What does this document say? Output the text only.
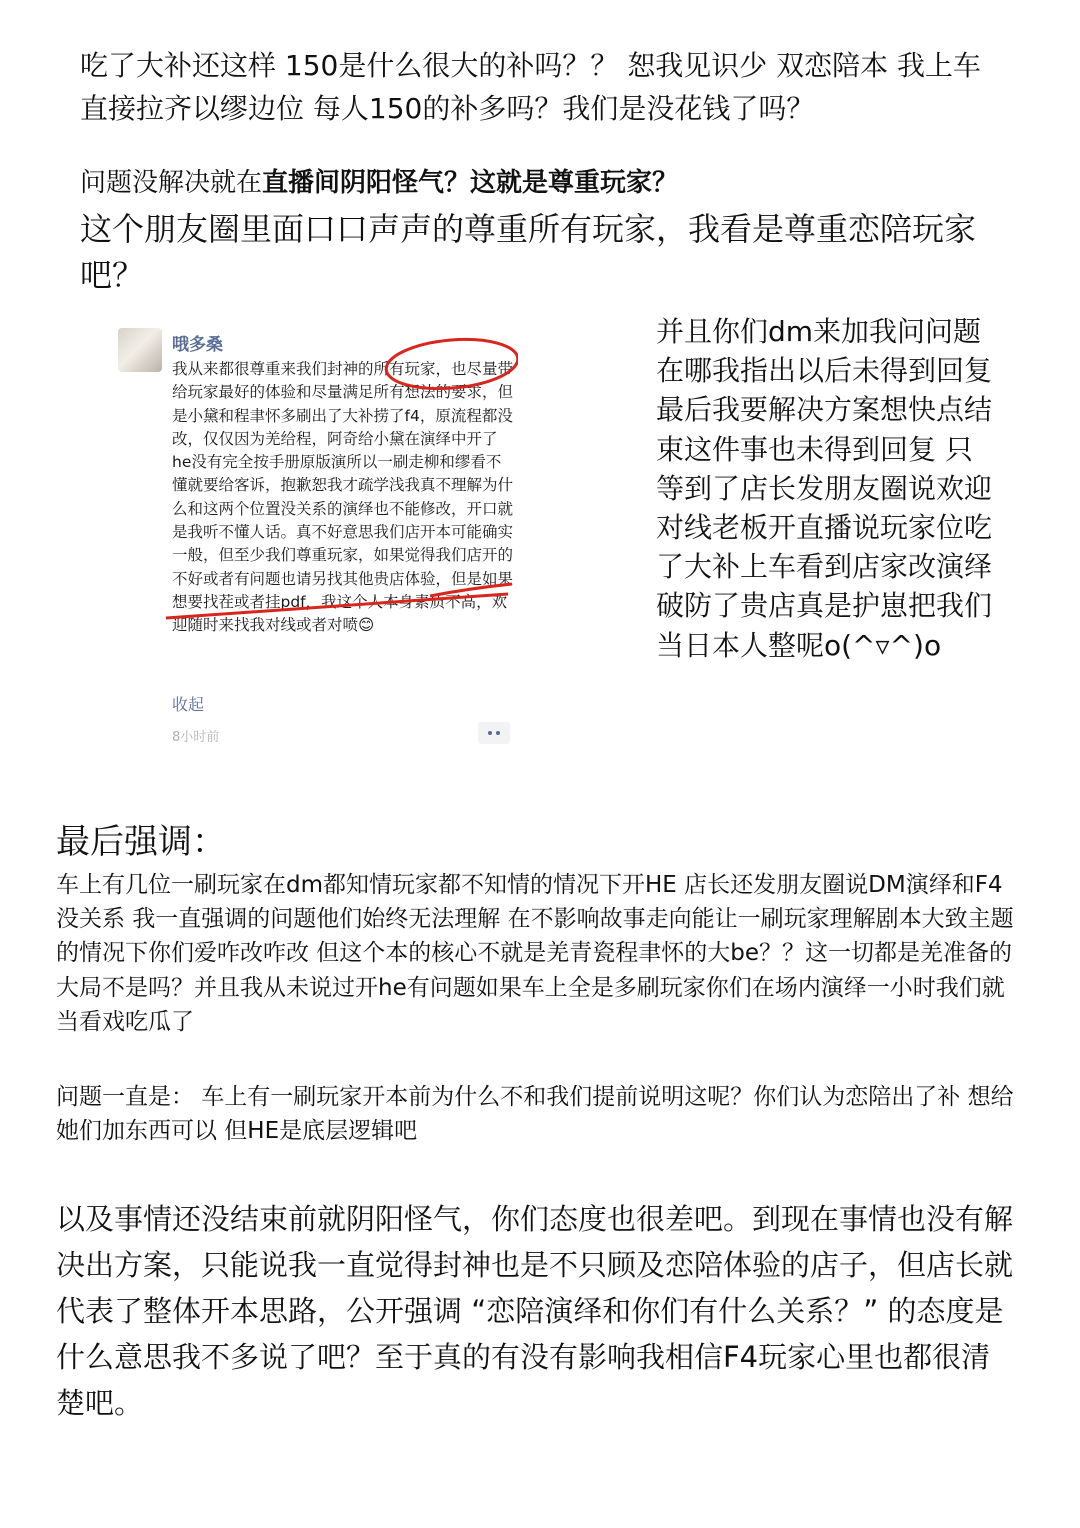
吃了大补还这样 150是什么很大的补吗？？ 恕我见识少 双恋陪本 我上车直接拉齐以缪边位 每人150的补多吗？我们是没花钱了吗？

问题没解决就在直播间阴阳怪气？这就是尊重玩家？

这个朋友圈里面口口声声的尊重所有玩家，我看是尊重恋陪玩家吧？

哦多桑

我从来都很尊重来我们封神的所有玩家，也尽量带给玩家最好的体验和尽量满足所有想法的要求，但是小黛和程聿怀多刷出了大补捞了f4，原流程都没改，仅仅因为羌给程，阿奇给小黛在演绎中开了he没有完全按手册原版演所以一刷走柳和缪看不懂就要给客诉，抱歉恕我才疏学浅我真不理解为什么和这两个位置没关系的演绎也不能修改，开口就是我听不懂人话。真不好意思我们店开本可能确实一般，但至少我们尊重玩家，如果觉得我们店开的不好或者有问题也请另找其他贵店体验，但是如果想要找茬或者挂pdf，我这个人本身素质不高，欢迎随时来找我对线或者对喷😊

收起
8小时前

并且你们dm来加我问问题在哪我指出以后未得到回复最后我要解决方案想快点结束这件事也未得到回复 只等到了店长发朋友圈说欢迎对线老板开直播说玩家位吃了大补上车看到店家改演绎破防了贵店真是护崽把我们当日本人整呢o(^▿^)o

最后强调：

车上有几位一刷玩家在dm都知情玩家都不知情的情况下开HE 店长还发朋友圈说DM演绎和F4没关系 我一直强调的问题他们始终无法理解 在不影响故事走向能让一刷玩家理解剧本大致主题的情况下你们爱咋改咋改 但这个本的核心不就是羌青瓷程聿怀的大be？？这一切都是羌准备的大局不是吗？并且我从未说过开he有问题如果车上全是多刷玩家你们在场内演绎一小时我们就当看戏吃瓜了

问题一直是： 车上有一刷玩家开本前为什么不和我们提前说明这呢？你们认为恋陪出了补 想给她们加东西可以 但HE是底层逻辑吧

以及事情还没结束前就阴阳怪气，你们态度也很差吧。到现在事情也没有解决出方案，只能说我一直觉得封神也是不只顾及恋陪体验的店子，但店长就代表了整体开本思路，公开强调 “恋陪演绎和你们有什么关系？” 的态度是什么意思我不多说了吧？至于真的有没有影响我相信F4玩家心里也都很清楚吧。
